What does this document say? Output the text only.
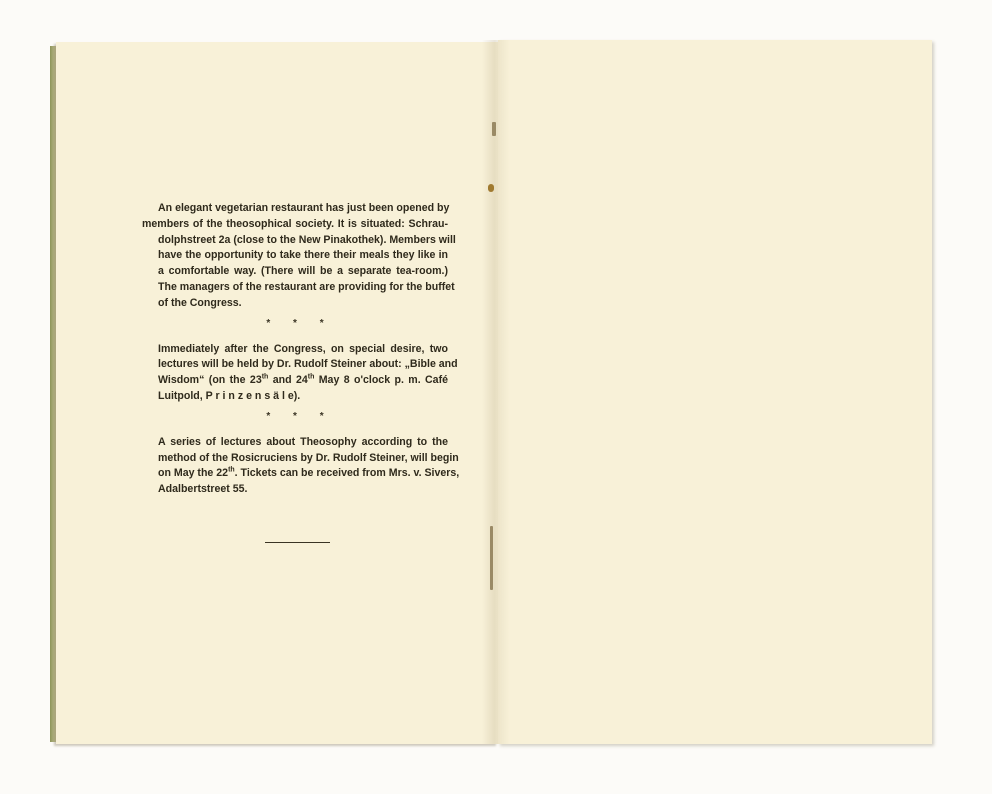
An elegant vegetarian restaurant has just been opened by
members of the theosophical society. It is situated: Schrau-
dolphstreet 2a (close to the New Pinakothek). Members will
have the opportunity to take there their meals they like in
a comfortable way. (There will be a separate tea-room.)
The managers of the restaurant are providing for the buffet
of the Congress.

* * *

Immediately after the Congress, on special desire, two
lectures will be held by Dr. Rudolf Steiner about: „Bible and
Wisdom“ (on the 23th and 24th May 8 o'clock p. m. Café
Luitpold, P r i n z e n s ä l e).

* * *

A series of lectures about Theosophy according to the
method of the Rosicruciens by Dr. Rudolf Steiner, will begin
on May the 22th. Tickets can be received from Mrs. v. Sivers,
Adalbertstreet 55.
